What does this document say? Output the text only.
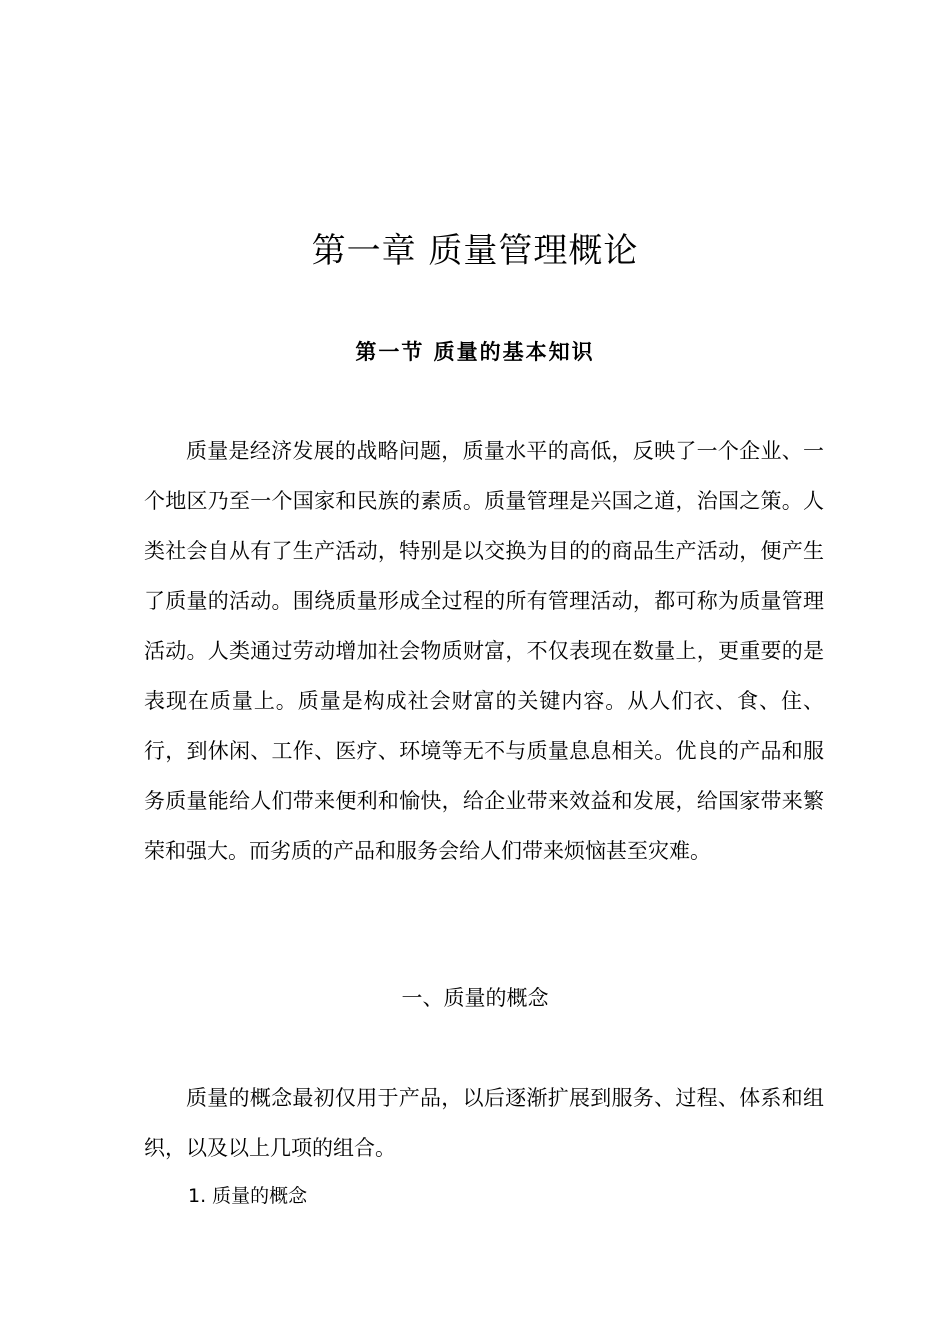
第一章 质量管理概论
第一节 质量的基本知识

质量是经济发展的战略问题，质量水平的高低，反映了一个企业、一个地区乃至一个国家和民族的素质。质量管理是兴国之道，治国之策。人类社会自从有了生产活动，特别是以交换为目的的商品生产活动，便产生了质量的活动。围绕质量形成全过程的所有管理活动，都可称为质量管理活动。人类通过劳动增加社会物质财富，不仅表现在数量上，更重要的是表现在质量上。质量是构成社会财富的关键内容。从人们衣、食、住、行，到休闲、工作、医疗、环境等无不与质量息息相关。优良的产品和服务质量能给人们带来便利和愉快，给企业带来效益和发展，给国家带来繁荣和强大。而劣质的产品和服务会给人们带来烦恼甚至灾难。

一、质量的概念

质量的概念最初仅用于产品，以后逐渐扩展到服务、过程、体系和组织，以及以上几项的组合。

1. 质量的概念
